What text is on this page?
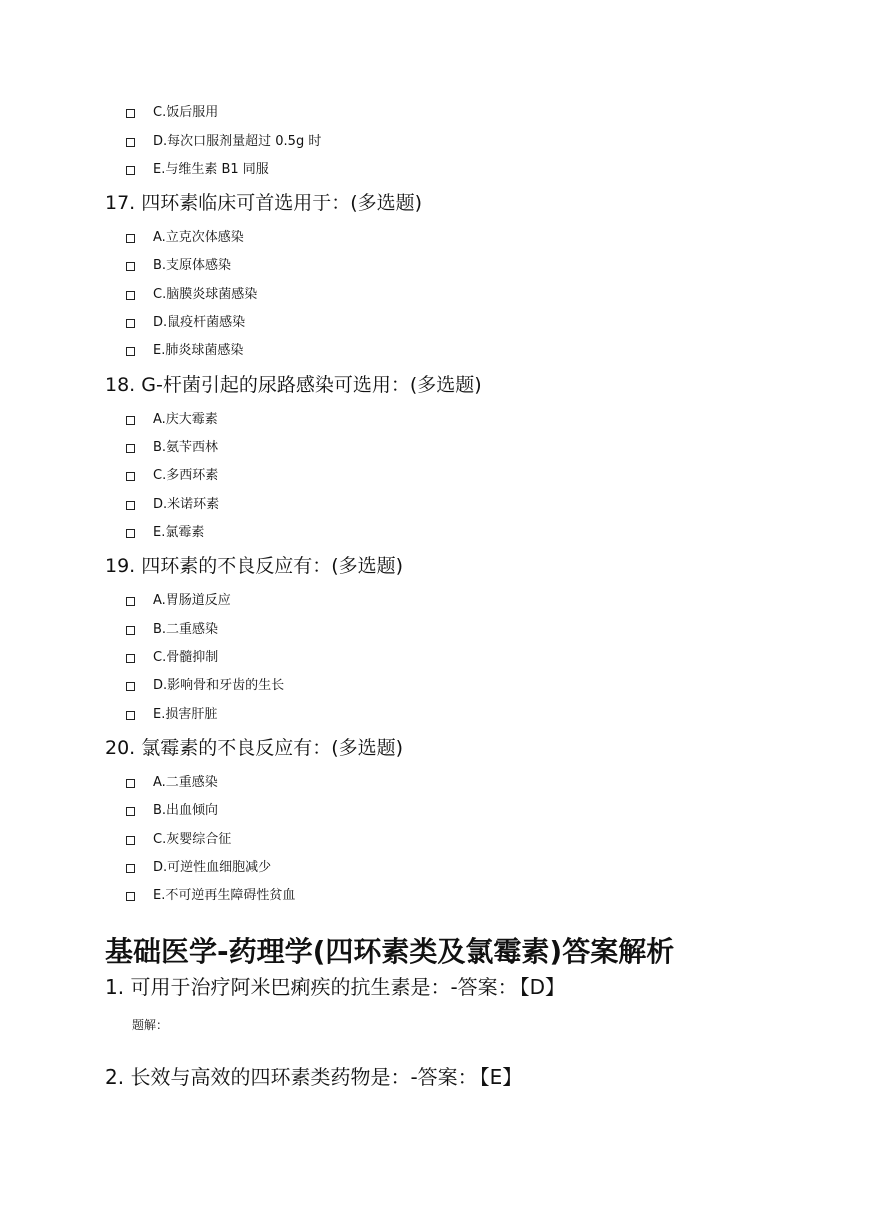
C.饭后服用
D.每次口服剂量超过 0.5g 时
E.与维生素 B1 同服
17. 四环素临床可首选用于：(多选题)
A.立克次体感染
B.支原体感染
C.脑膜炎球菌感染
D.鼠疫杆菌感染
E.肺炎球菌感染
18. G-杆菌引起的尿路感染可选用：(多选题)
A.庆大霉素
B.氨苄西林
C.多西环素
D.米诺环素
E.氯霉素
19. 四环素的不良反应有：(多选题)
A.胃肠道反应
B.二重感染
C.骨髓抑制
D.影响骨和牙齿的生长
E.损害肝脏
20. 氯霉素的不良反应有：(多选题)
A.二重感染
B.出血倾向
C.灰婴综合征
D.可逆性血细胞减少
E.不可逆再生障碍性贫血
基础医学-药理学(四环素类及氯霉素)答案解析
1. 可用于治疗阿米巴痢疾的抗生素是：-答案： 【D】
题解：
2. 长效与高效的四环素类药物是：-答案： 【E】
